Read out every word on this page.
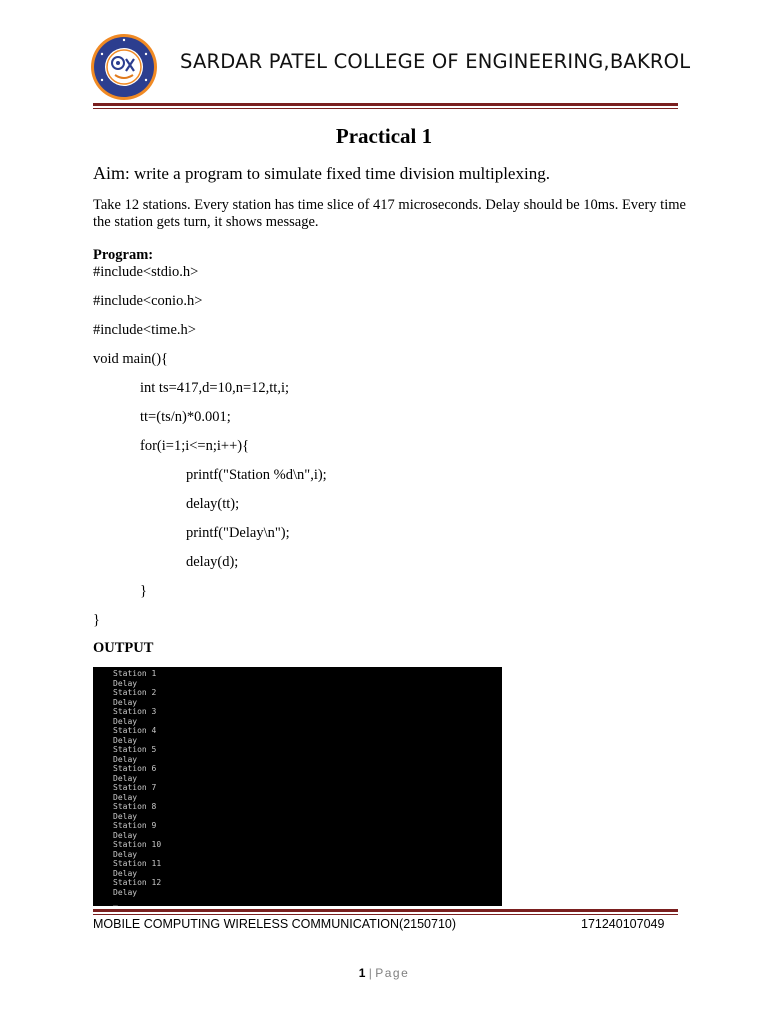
SARDAR PATEL COLLEGE OF ENGINEERING,BAKROL
Practical 1
Aim: write a program to simulate fixed time division multiplexing.
Take 12 stations. Every station has time slice of 417 microseconds. Delay should be 10ms. Every time the station gets turn, it shows message.
Program:
#include<stdio.h>
#include<conio.h>
#include<time.h>
void main(){
int ts=417,d=10,n=12,tt,i;
tt=(ts/n)*0.001;
for(i=1;i<=n;i++){
printf("Station %d\n",i);
delay(tt);
printf("Delay\n");
delay(d);
}
}
OUTPUT
Station 1
Delay
Station 2
Delay
Station 3
Delay
Station 4
Delay
Station 5
Delay
Station 6
Delay
Station 7
Delay
Station 8
Delay
Station 9
Delay
Station 10
Delay
Station 11
Delay
Station 12
Delay
_
MOBILE COMPUTING WIRELESS COMMUNICATION(2150710)	171240107049
1 | Page
